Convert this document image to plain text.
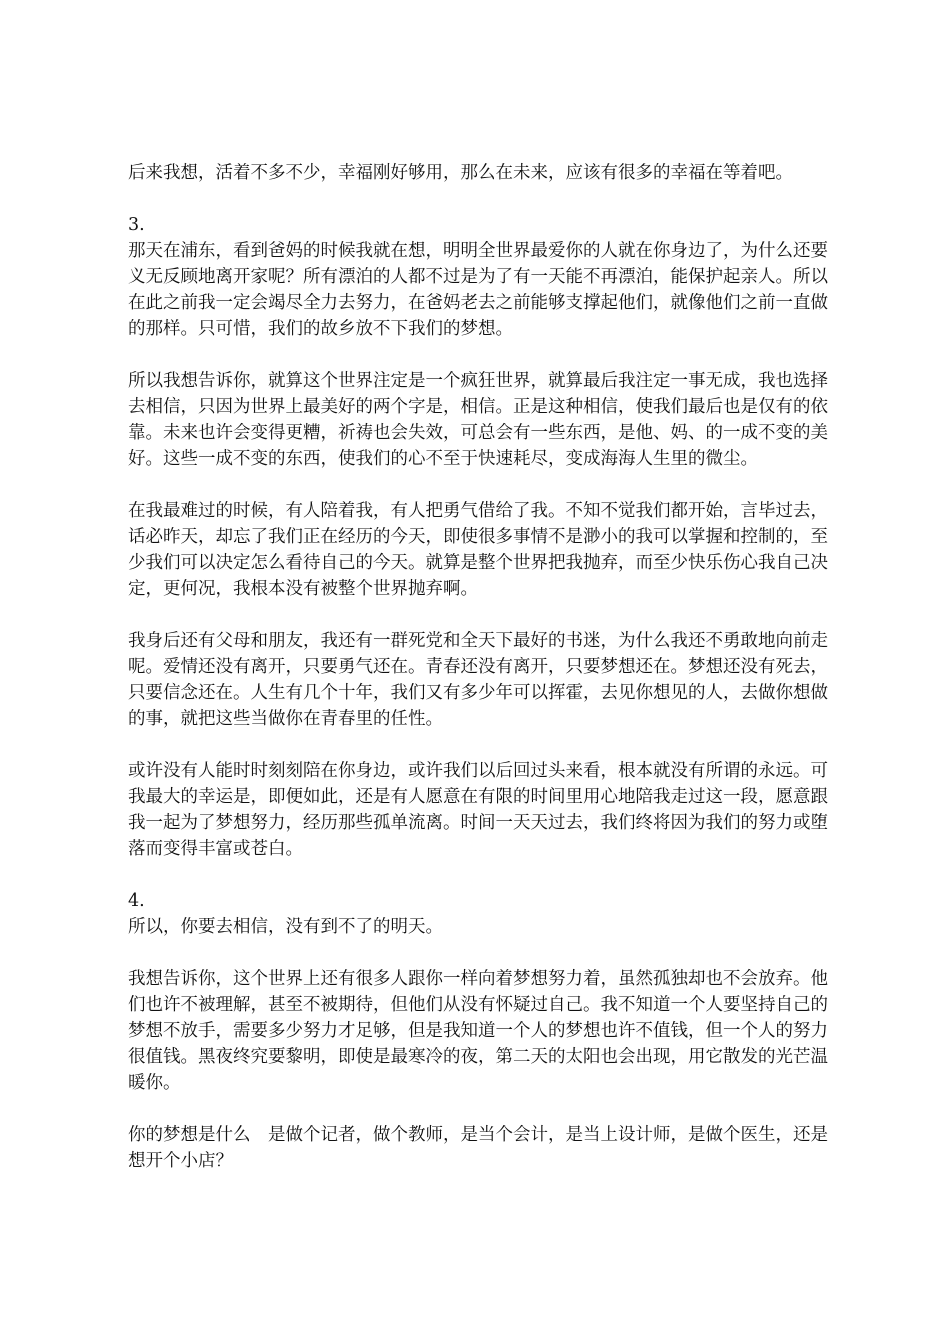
后来我想，活着不多不少，幸福刚好够用，那么在未来，应该有很多的幸福在等着吧。

3.

那天在浦东，看到爸妈的时候我就在想，明明全世界最爱你的人就在你身边了，为什么还要义无反顾地离开家呢？所有漂泊的人都不过是为了有一天能不再漂泊，能保护起亲人。所以在此之前我一定会竭尽全力去努力，在爸妈老去之前能够支撑起他们，就像他们之前一直做的那样。只可惜，我们的故乡放不下我们的梦想。

所以我想告诉你，就算这个世界注定是一个疯狂世界，就算最后我注定一事无成，我也选择去相信，只因为世界上最美好的两个字是，相信。正是这种相信，使我们最后也是仅有的依靠。未来也许会变得更糟，祈祷也会失效，可总会有一些东西，是他、妈、的一成不变的美好。这些一成不变的东西，使我们的心不至于快速耗尽，变成海海人生里的微尘。

在我最难过的时候，有人陪着我，有人把勇气借给了我。不知不觉我们都开始，言毕过去，话必昨天，却忘了我们正在经历的今天，即使很多事情不是渺小的我可以掌握和控制的，至少我们可以决定怎么看待自己的今天。就算是整个世界把我抛弃，而至少快乐伤心我自己决定，更何况，我根本没有被整个世界抛弃啊。

我身后还有父母和朋友，我还有一群死党和全天下最好的书迷，为什么我还不勇敢地向前走呢。爱情还没有离开，只要勇气还在。青春还没有离开，只要梦想还在。梦想还没有死去，只要信念还在。人生有几个十年，我们又有多少年可以挥霍，去见你想见的人，去做你想做的事，就把这些当做你在青春里的任性。

或许没有人能时时刻刻陪在你身边，或许我们以后回过头来看，根本就没有所谓的永远。可我最大的幸运是，即便如此，还是有人愿意在有限的时间里用心地陪我走过这一段，愿意跟我一起为了梦想努力，经历那些孤单流离。时间一天天过去，我们终将因为我们的努力或堕落而变得丰富或苍白。

4.

所以，你要去相信，没有到不了的明天。

我想告诉你，这个世界上还有很多人跟你一样向着梦想努力着，虽然孤独却也不会放弃。他们也许不被理解，甚至不被期待，但他们从没有怀疑过自己。我不知道一个人要坚持自己的梦想不放手，需要多少努力才足够，但是我知道一个人的梦想也许不值钱，但一个人的努力很值钱。黑夜终究要黎明，即使是最寒冷的夜，第二天的太阳也会出现，用它散发的光芒温暖你。

你的梦想是什么　是做个记者，做个教师，是当个会计，是当上设计师，是做个医生，还是想开个小店？
